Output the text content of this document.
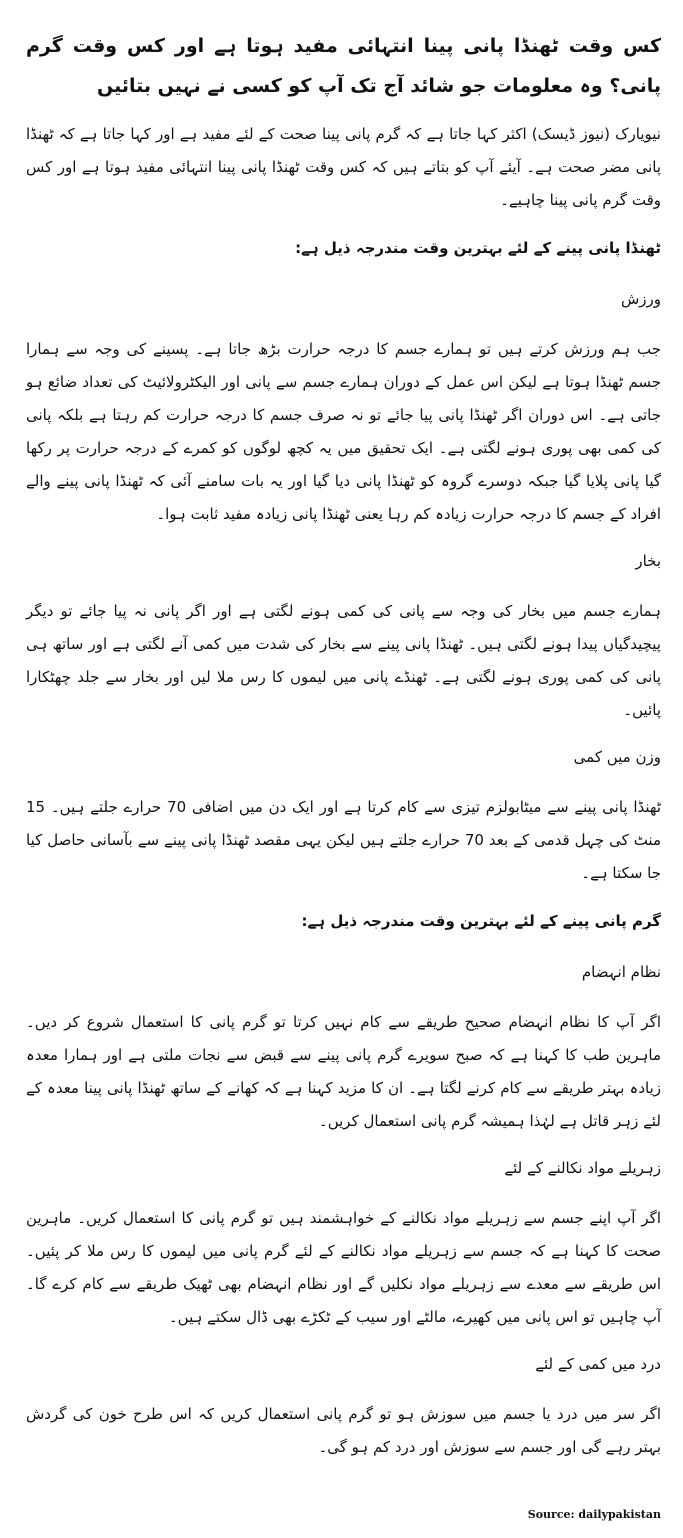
کس وقت ٹھنڈا پانی پینا انتہائی مفید ہوتا ہے اور کس وقت گرم پانی؟ وہ معلومات جو شائد آج تک آپ کو کسی نے نہیں بتائیں

نیویارک (نیوز ڈیسک) اکثر کہا جاتا ہے کہ گرم پانی پینا صحت کے لئے مفید ہے اور کہا جاتا ہے کہ ٹھنڈا پانی مضر صحت ہے۔ آیئے آپ کو بتاتے ہیں کہ کس وقت ٹھنڈا پانی پینا انتہائی مفید ہوتا ہے اور کس وقت گرم پانی پینا چاہیے۔

ٹھنڈا پانی پینے کے لئے بہترین وقت مندرجہ ذیل ہے:

ورزش

جب ہم ورزش کرتے ہیں تو ہمارے جسم کا درجہ حرارت بڑھ جاتا ہے۔ پسینے کی وجہ سے ہمارا جسم ٹھنڈا ہوتا ہے لیکن اس عمل کے دوران ہمارے جسم سے پانی اور الیکٹرولائیٹ کی تعداد ضائع ہو جاتی ہے۔ اس دوران اگر ٹھنڈا پانی پیا جائے تو نہ صرف جسم کا درجہ حرارت کم رہتا ہے بلکہ پانی کی کمی بھی پوری ہونے لگتی ہے۔ ایک تحقیق میں یہ کچھ لوگوں کو کمرے کے درجہ حرارت پر رکھا گیا پانی پلایا گیا جبکہ دوسرے گروہ کو ٹھنڈا پانی دیا گیا اور یہ بات سامنے آئی کہ ٹھنڈا پانی پینے والے افراد کے جسم کا درجہ حرارت زیادہ کم رہا یعنی ٹھنڈا پانی زیادہ مفید ثابت ہوا۔

بخار

ہمارے جسم میں بخار کی وجہ سے پانی کی کمی ہونے لگتی ہے اور اگر پانی نہ پیا جائے تو دیگر پیچیدگیاں پیدا ہونے لگتی ہیں۔ ٹھنڈا پانی پینے سے بخار کی شدت میں کمی آنے لگتی ہے اور ساتھ ہی پانی کی کمی پوری ہونے لگتی ہے۔ ٹھنڈے پانی میں لیموں کا رس ملا لیں اور بخار سے جلد چھٹکارا پائیں۔

وزن میں کمی

ٹھنڈا پانی پینے سے میٹابولزم تیزی سے کام کرتا ہے اور ایک دن میں اضافی 70 حرارے جلتے ہیں۔ 15 منٹ کی چہل قدمی کے بعد 70 حرارے جلتے ہیں لیکن یہی مقصد ٹھنڈا پانی پینے سے بآسانی حاصل کیا جا سکتا ہے۔

گرم پانی پینے کے لئے بہترین وقت مندرجہ ذیل ہے:

نظام انہضام

اگر آپ کا نظام انہضام صحیح طریقے سے کام نہیں کرتا تو گرم پانی کا استعمال شروع کر دیں۔ ماہرین طب کا کہنا ہے کہ صبح سویرے گرم پانی پینے سے قبض سے نجات ملتی ہے اور ہمارا معدہ زیادہ بہتر طریقے سے کام کرنے لگتا ہے۔ ان کا مزید کہنا ہے کہ کھانے کے ساتھ ٹھنڈا پانی پینا معدہ کے لئے زہر قاتل ہے لہٰذا ہمیشہ گرم پانی استعمال کریں۔

زہریلے مواد نکالنے کے لئے

اگر آپ اپنے جسم سے زہریلے مواد نکالنے کے خواہشمند ہیں تو گرم پانی کا استعمال کریں۔ ماہرین صحت کا کہنا ہے کہ جسم سے زہریلے مواد نکالنے کے لئے گرم پانی میں لیموں کا رس ملا کر پئیں۔ اس طریقے سے معدے سے زہریلے مواد نکلیں گے اور نظام انہضام بھی ٹھیک طریقے سے کام کرے گا۔ آپ چاہیں تو اس پانی میں کھیرے، مالٹے اور سیب کے ٹکڑے بھی ڈال سکتے ہیں۔

درد میں کمی کے لئے

اگر سر میں درد یا جسم میں سوزش ہو تو گرم پانی استعمال کریں کہ اس طرح خون کی گردش بہتر رہے گی اور جسم سے سوزش اور درد کم ہو گی۔

Source: dailypakistan
